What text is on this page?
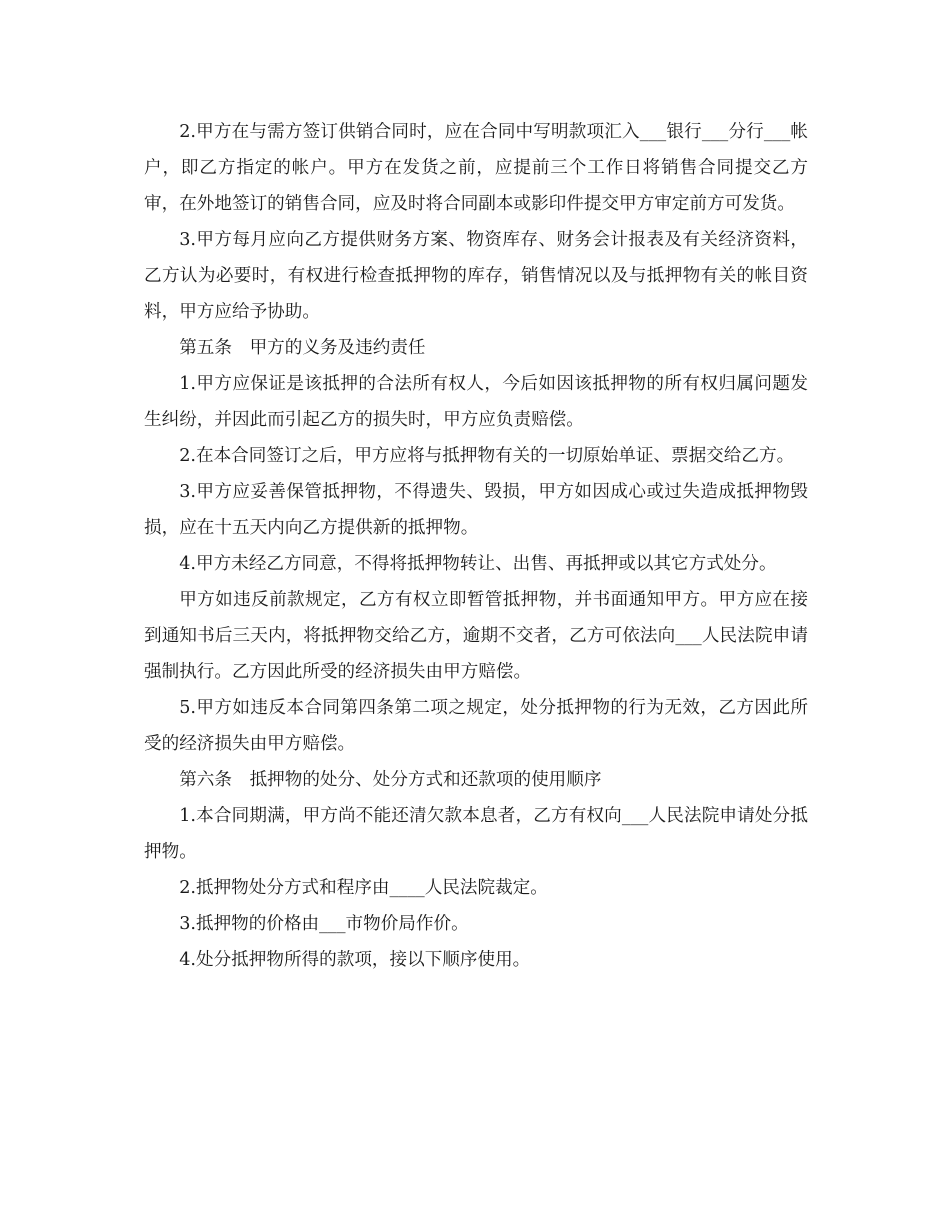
2.甲方在与需方签订供销合同时，应在合同中写明款项汇入___银行___分行___帐户，即乙方指定的帐户。甲方在发货之前，应提前三个工作日将销售合同提交乙方审，在外地签订的销售合同，应及时将合同副本或影印件提交甲方审定前方可发货。

3.甲方每月应向乙方提供财务方案、物资库存、财务会计报表及有关经济资料，乙方认为必要时，有权进行检查抵押物的库存，销售情况以及与抵押物有关的帐目资料，甲方应给予协助。

第五条　甲方的义务及违约责任

1.甲方应保证是该抵押的合法所有权人，今后如因该抵押物的所有权归属问题发生纠纷，并因此而引起乙方的损失时，甲方应负责赔偿。

2.在本合同签订之后，甲方应将与抵押物有关的一切原始单证、票据交给乙方。

3.甲方应妥善保管抵押物，不得遗失、毁损，甲方如因成心或过失造成抵押物毁损，应在十五天内向乙方提供新的抵押物。

4.甲方未经乙方同意，不得将抵押物转让、出售、再抵押或以其它方式处分。

甲方如违反前款规定，乙方有权立即暂管抵押物，并书面通知甲方。甲方应在接到通知书后三天内，将抵押物交给乙方，逾期不交者，乙方可依法向___人民法院申请强制执行。乙方因此所受的经济损失由甲方赔偿。

5.甲方如违反本合同第四条第二项之规定，处分抵押物的行为无效，乙方因此所受的经济损失由甲方赔偿。

第六条　抵押物的处分、处分方式和还款项的使用顺序

1.本合同期满，甲方尚不能还清欠款本息者，乙方有权向___人民法院申请处分抵押物。

2.抵押物处分方式和程序由____人民法院裁定。

3.抵押物的价格由___市物价局作价。

4.处分抵押物所得的款项，接以下顺序使用。
